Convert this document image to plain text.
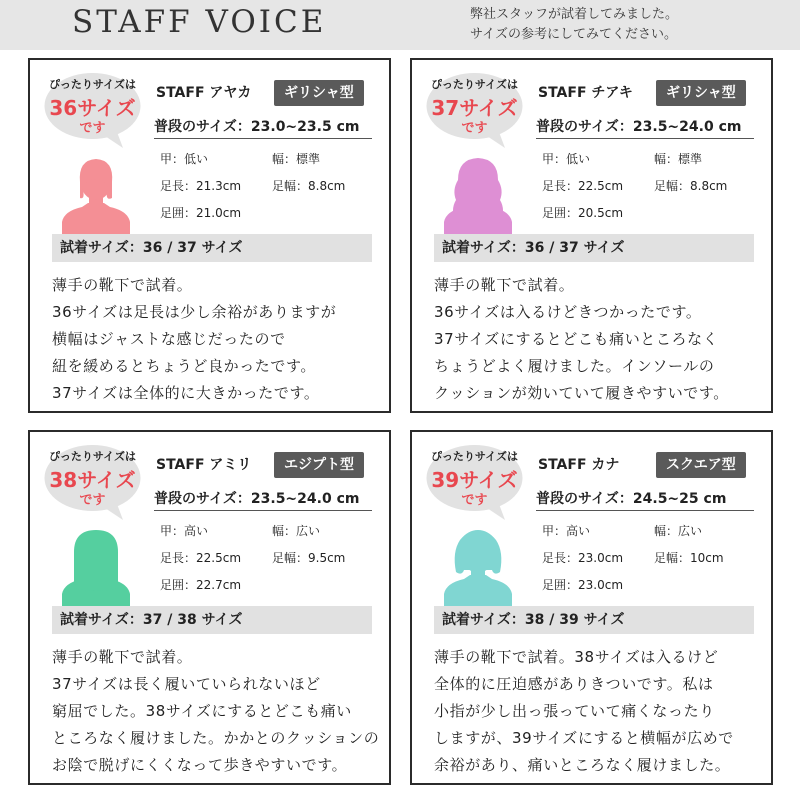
STAFF VOICE	弊社スタッフが試着してみました。
サイズの参考にしてみてください。
ぴったりサイズは
36サイズ
です
STAFF アヤカ	ギリシャ型
普段のサイズ：23.0~23.5 cm
甲：低い	幅：標準
足長：21.3cm	足幅：8.8cm
足囲：21.0cm
試着サイズ：36 / 37 サイズ
薄手の靴下で試着。
36サイズは足長は少し余裕がありますが
横幅はジャストな感じだったので
紐を緩めるとちょうど良かったです。
37サイズは全体的に大きかったです。
ぴったりサイズは
37サイズ
です
STAFF チアキ	ギリシャ型
普段のサイズ：23.5~24.0 cm
甲：低い	幅：標準
足長：22.5cm	足幅：8.8cm
足囲：20.5cm
試着サイズ：36 / 37 サイズ
薄手の靴下で試着。
36サイズは入るけどきつかったです。
37サイズにするとどこも痛いところなく
ちょうどよく履けました。インソールの
クッションが効いていて履きやすいです。
ぴったりサイズは
38サイズ
です
STAFF アミリ	エジプト型
普段のサイズ：23.5~24.0 cm
甲：高い	幅：広い
足長：22.5cm	足幅：9.5cm
足囲：22.7cm
試着サイズ：37 / 38 サイズ
薄手の靴下で試着。
37サイズは長く履いていられないほど
窮屈でした。38サイズにするとどこも痛い
ところなく履けました。かかとのクッションの
お陰で脱げにくくなって歩きやすいです。
ぴったりサイズは
39サイズ
です
STAFF カナ	スクエア型
普段のサイズ：24.5~25 cm
甲：高い	幅：広い
足長：23.0cm	足幅：10cm
足囲：23.0cm
試着サイズ：38 / 39 サイズ
薄手の靴下で試着。38サイズは入るけど
全体的に圧迫感がありきついです。私は
小指が少し出っ張っていて痛くなったり
しますが、39サイズにすると横幅が広めで
余裕があり、痛いところなく履けました。
